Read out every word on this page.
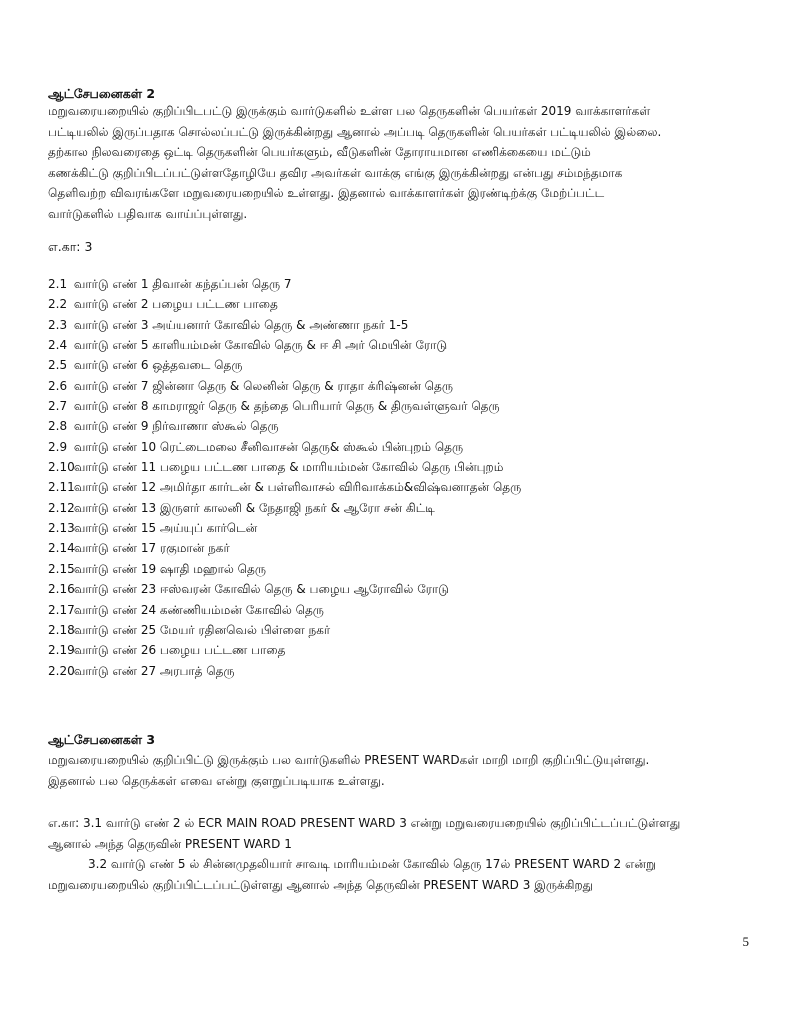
ஆட்சேபனைகள் 2

மறுவரையறையில் குறிப்பிடபட்டு இருக்கும் வார்டுகளில் உள்ள பல தெருகளின் பெயர்கள் 2019 வாக்காளர்கள்

பட்டியலில் இருப்பதாக சொல்லப்பட்டு இருக்கின்றது ஆனால் அப்படி தெருகளின் பெயர்கள் பட்டியலில் இல்லை.

தற்கால நிலவரைதை ஒட்டி தெருகளின் பெயர்களும், வீடுகளின் தோராயமான எணிக்கையை மட்டும்

கணக்கிட்டு குறிப்பிடப்பட்டுள்ளதோழியே தவிர அவர்கள் வாக்கு எங்கு இருக்கின்றது என்பது சம்மந்தமாக

தெளிவற்ற விவரங்களே மறுவரையறையில் உள்ளது. இதனால் வாக்காளர்கள் இரண்டிற்க்கு மேற்ப்பட்ட

வார்டுகளில் பதிவாக வாய்ப்புள்ளது.

எ.கா: 3
2.1 வார்டு எண் 1 திவான் கந்தப்பன் தெரு 7
2.2 வார்டு எண் 2 பழைய பட்டண பாதை
2.3 வார்டு எண் 3 அய்யனார் கோவில் தெரு & அண்ணா நகர் 1-5
2.4 வார்டு எண் 5 காளியம்மன் கோவில் தெரு & ஈ சி அர் மெயின் ரோடு
2.5 வார்டு எண் 6 ஒத்தவடை தெரு
2.6 வார்டு எண் 7 ஜின்னா தெரு & லெனின் தெரு & ராதா க்ரிஷ்னன் தெரு
2.7 வார்டு எண் 8 காமராஜர் தெரு & தந்தை பெரியார் தெரு & திருவள்ளுவர் தெரு
2.8 வார்டு எண் 9 நிர்வாணா ஸ்கூல் தெரு
2.9 வார்டு எண் 10 ரெட்டைமலை சீனிவாசன் தெரு& ஸ்கூல் பின்புறம் தெரு
2.10 வார்டு எண் 11 பழைய பட்டண பாதை & மாரியம்மன் கோவில் தெரு பின்புறம்
2.11 வார்டு எண் 12 அமிர்தா கார்டன் & பள்ளிவாசல் விரிவாக்கம்&விஷ்வனாதன் தெரு
2.12 வார்டு எண் 13 இருளர் காலனி & நேதாஜி நகர் & ஆரோ சன் கிட்டி
2.13 வார்டு எண் 15 அய்யுப் கார்டென்
2.14 வார்டு எண் 17 ரகுமான் நகர்
2.15 வார்டு எண் 19 ஷாதி மஹால் தெரு
2.16 வார்டு எண் 23 ஈஸ்வரன் கோவில் தெரு & பழைய ஆரோவில் ரோடு
2.17 வார்டு எண் 24 கண்ணியம்மன் கோவில் தெரு
2.18 வார்டு எண் 25 மேயர் ரதினவெல் பிள்ளை நகர்
2.19 வார்டு எண் 26 பழைய பட்டண பாதை
2.20 வார்டு எண் 27 அரபாத் தெரு
ஆட்சேபனைகள் 3

மறுவரையறையில் குறிப்பிட்டு இருக்கும் பல வார்டுகளில் PRESENT WARDகள் மாறி மாறி குறிப்பிட்டுயுள்ளது.

இதனால் பல தெருக்கள் எவை என்று குளறுப்படியாக உள்ளது.

எ.கா: 3.1 வார்டு எண் 2 ல் ECR MAIN ROAD PRESENT WARD 3 என்று மறுவரையறையில் குறிப்பிட்டப்பட்டுள்ளது

ஆனால் அந்த தெருவின் PRESENT WARD 1

3.2 வார்டு எண் 5 ல் சின்னமுதலியார் சாவடி மாரியம்மன் கோவில் தெரு 17ல் PRESENT WARD 2 என்று

மறுவரையறையில் குறிப்பிட்டப்பட்டுள்ளது ஆனால் அந்த தெருவின் PRESENT WARD 3 இருக்கிறது

5
